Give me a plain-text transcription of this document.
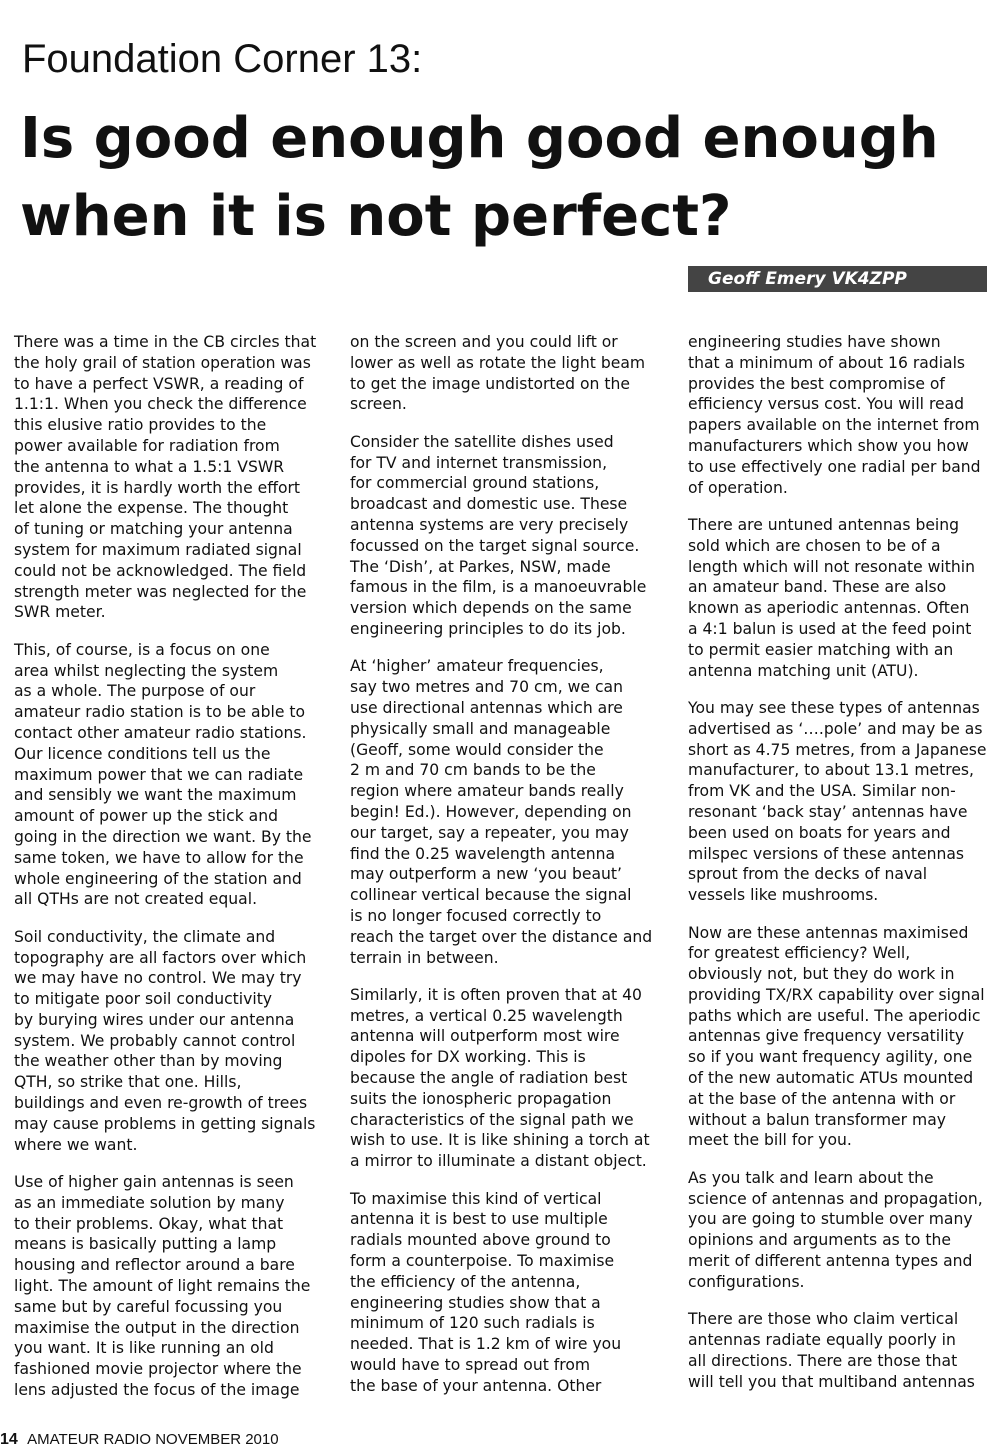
Foundation Corner 13:
Is good enough good enough
when it is not perfect?
Geoff Emery VK4ZPP

There was a time in the CB circles that
the holy grail of station operation was
to have a perfect VSWR, a reading of
1.1:1. When you check the difference
this elusive ratio provides to the
power available for radiation from
the antenna to what a 1.5:1 VSWR
provides, it is hardly worth the effort
let alone the expense. The thought
of tuning or matching your antenna
system for maximum radiated signal
could not be acknowledged. The field
strength meter was neglected for the
SWR meter.

This, of course, is a focus on one
area whilst neglecting the system
as a whole. The purpose of our
amateur radio station is to be able to
contact other amateur radio stations.
Our licence conditions tell us the
maximum power that we can radiate
and sensibly we want the maximum
amount of power up the stick and
going in the direction we want. By the
same token, we have to allow for the
whole engineering of the station and
all QTHs are not created equal.

Soil conductivity, the climate and
topography are all factors over which
we may have no control. We may try
to mitigate poor soil conductivity
by burying wires under our antenna
system. We probably cannot control
the weather other than by moving
QTH, so strike that one. Hills,
buildings and even re-growth of trees
may cause problems in getting signals
where we want.

Use of higher gain antennas is seen
as an immediate solution by many
to their problems. Okay, what that
means is basically putting a lamp
housing and reflector around a bare
light. The amount of light remains the
same but by careful focussing you
maximise the output in the direction
you want. It is like running an old
fashioned movie projector where the
lens adjusted the focus of the image

on the screen and you could lift or
lower as well as rotate the light beam
to get the image undistorted on the
screen.

Consider the satellite dishes used
for TV and internet transmission,
for commercial ground stations,
broadcast and domestic use. These
antenna systems are very precisely
focussed on the target signal source.
The ‘Dish’, at Parkes, NSW, made
famous in the film, is a manoeuvrable
version which depends on the same
engineering principles to do its job.

At ‘higher’ amateur frequencies,
say two metres and 70 cm, we can
use directional antennas which are
physically small and manageable
(Geoff, some would consider the
2 m and 70 cm bands to be the
region where amateur bands really
begin! Ed.). However, depending on
our target, say a repeater, you may
find the 0.25 wavelength antenna
may outperform a new ‘you beaut’
collinear vertical because the signal
is no longer focused correctly to
reach the target over the distance and
terrain in between.

Similarly, it is often proven that at 40
metres, a vertical 0.25 wavelength
antenna will outperform most wire
dipoles for DX working. This is
because the angle of radiation best
suits the ionospheric propagation
characteristics of the signal path we
wish to use. It is like shining a torch at
a mirror to illuminate a distant object.

To maximise this kind of vertical
antenna it is best to use multiple
radials mounted above ground to
form a counterpoise. To maximise
the efficiency of the antenna,
engineering studies show that a
minimum of 120 such radials is
needed. That is 1.2 km of wire you
would have to spread out from
the base of your antenna. Other

engineering studies have shown
that a minimum of about 16 radials
provides the best compromise of
efficiency versus cost. You will read
papers available on the internet from
manufacturers which show you how
to use effectively one radial per band
of operation.

There are untuned antennas being
sold which are chosen to be of a
length which will not resonate within
an amateur band. These are also
known as aperiodic antennas. Often
a 4:1 balun is used at the feed point
to permit easier matching with an
antenna matching unit (ATU).

You may see these types of antennas
advertised as ‘….pole’ and may be as
short as 4.75 metres, from a Japanese
manufacturer, to about 13.1 metres,
from VK and the USA. Similar non-
resonant ‘back stay’ antennas have
been used on boats for years and
milspec versions of these antennas
sprout from the decks of naval
vessels like mushrooms.

Now are these antennas maximised
for greatest efficiency? Well,
obviously not, but they do work in
providing TX/RX capability over signal
paths which are useful. The aperiodic
antennas give frequency versatility
so if you want frequency agility, one
of the new automatic ATUs mounted
at the base of the antenna with or
without a balun transformer may
meet the bill for you.

As you talk and learn about the
science of antennas and propagation,
you are going to stumble over many
opinions and arguments as to the
merit of different antenna types and
configurations.

There are those who claim vertical
antennas radiate equally poorly in
all directions. There are those that
will tell you that multiband antennas

14 AMATEUR RADIO NOVEMBER 2010
